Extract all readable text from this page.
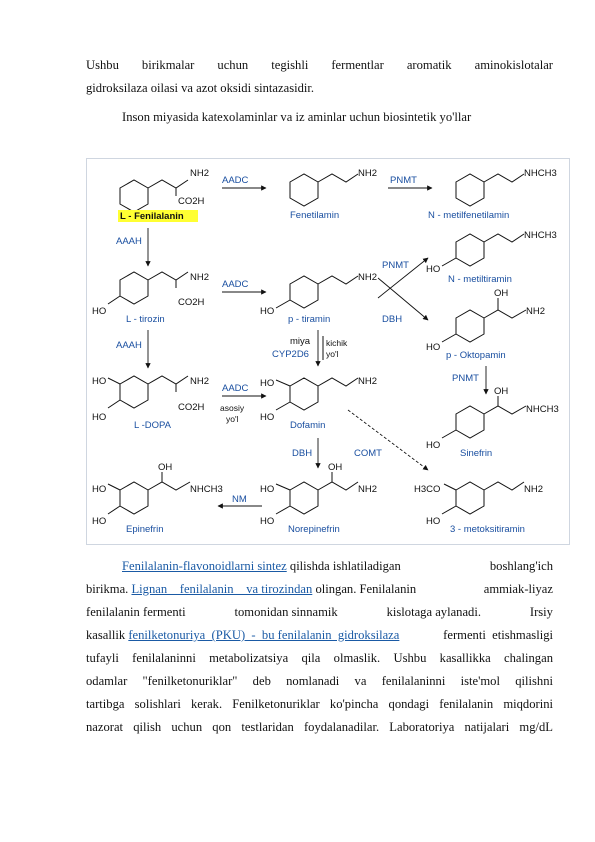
Ushbu birikmalar uchun tegishli fermentlar aromatik aminokislotalar

gidroksilaza oilasi va azot oksidi sintazasidir.

Inson miyasida katexolaminlar va iz aminlar uchun biosintetik yo'llar

NH2
CO2H
L - Fenilalanin
AADC
NH2
Fenetilamin
PNMT
NHCH3
N - metilfenetilamin
AAAH
NHCH3
HO
N - metiltiramin
NH2
CO2H
HO
L - tirozin
AADC
NH2
HO
p - tiramin
PNMT
DBH
OH
NH2
HO
p - Oktopamin
AAAH	miya
CYP2D6
kichik
yo'l
PNMT
NH2
CO2H
HO
HO
L -DOPA
AADC
asosiy
yo'l
NH2
HO
HO
Dofamin
OH
NHCH3
HO
Sinefrin
DBH	COMT
OH
NHCH3
HO
HO
Epinefrin
NM
OH
NH2
HO
HO
Norepinefrin
NH2
H3CO
HO
3 - metoksitiramin
Fenilalanin-flavonoidlarni sintez qilishda ishlatiladigan	boshlang'ich
birikma. Lignan    fenilalanin    va tirozindan olingan. Fenilalanin	ammiak-liyaz
fenilalanin fermenti	tomonidan sinnamik	kislotaga aylanadi.	Irsiy
kasallik fenilketonuriya  (PKU)  -  bu fenilalanin  gidroksilaza	fermenti  etishmasligi

tufayli fenilalaninni metabolizatsiya qila olmaslik. Ushbu kasallikka chalingan

odamlar "fenilketonuriklar" deb nomlanadi va fenilalaninni iste'mol qilishni

tartibga solishlari kerak. Fenilketonuriklar ko'pincha qondagi fenilalanin miqdorini

nazorat qilish uchun qon testlaridan foydalanadilar. Laboratoriya natijalari mg/dL
